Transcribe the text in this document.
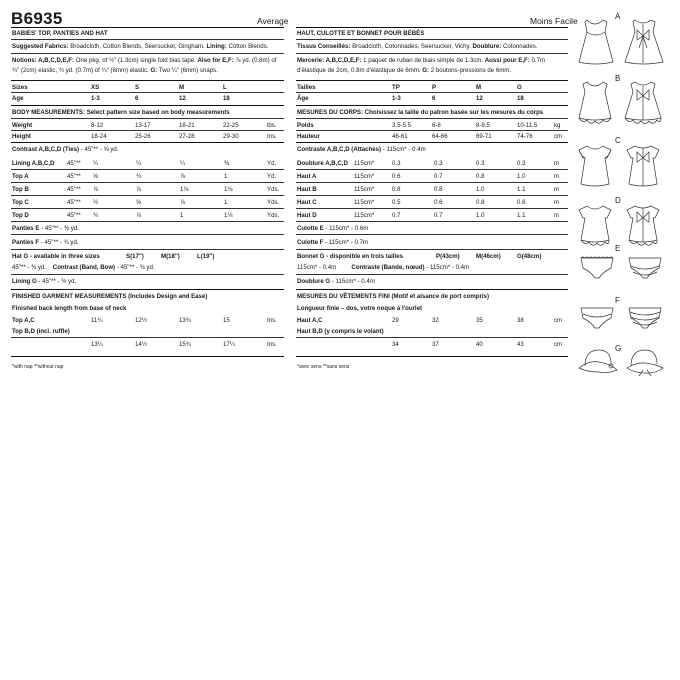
B6935	Average	Moins Facile
BABIES' TOP, PANTIES AND HAT
Suggested Fabrics: Broadcloth, Cotton Blends, Seersucker, Gingham. Lining: Cotton Blends.
Notions: A,B,C,D,E,F: One pkg. of ½" (1.3cm) single fold bias tape. Also for E,F: ⅞ yd. (0.8m) of
¾" (2cm) elastic, ¾ yd. (0.7m) of ¼" (6mm) elastic. G: Two ¼" (6mm) snaps.
Sizes	XS	S	M	L
Age	1-3	6	12	18
BODY MEASUREMENTS: Select pattern size based on body measurements
Weight	8-12	13-17	18-21	22-25	lbs.
Height	18-24	25-26	27-28	29-30	Ins.
Contrast A,B,C,D (Ties) - 45"** - ⅝ yd.
Lining A,B,C,D 45"** ¼	¼	¼	⅜	Yd.
Top A	45"** ⅝	¾	⅞	1	Yd.
Top B	45"** ⅞	⅞	1⅛	1⅛	Yds.
Top C	45"** ½	⅝	⅞	1	Yds.
Top D	45"** ¾	⅞	1	1⅛	Yds.
Panties E - 45"** - ⅜ yd.
Panties F - 45"** - ¾ yd.
Hat G - available in three sizes	S(17")	M(18")	L(19")
45"** - ⅜ yd. Contrast (Band, Bow) - 45"** - ⅜ yd.
Lining G - 45"** - ⅜ yd.
FINISHED GARMENT MEASUREMENTS (Includes Design and Ease)
Finished back length from base of neck
Top A,C	11¼	12½	13¾	15	Ins.
Top B,D (incl. ruffle)
13¼	14½	15¾	17¼	Ins.
*with nap **without nap
HAUT, CULOTTE ET BONNET POUR BÉBÉS
Tissus Conseillés: Broadcloth, Cotonnades, Seersucker, Vichy. Doublure: Cotonnades.
Mercerie: A,B,C,D,E,F: 1 paquet de ruban de biais simple de 1.3cm. Aussi pour E,F: 0.7m
d'élastique de 2cm, 0.8m d'élastique de 6mm. G: 2 boutons-pressions de 6mm.
Tailles	TP	P	M	G
Âge	1-3	6	12	18
MESURES DU CORPS: Choisissez la taille du patron basée sur les mesures du corps
Poids	3.5-5.5	6-8	8-9.5	10-11.5	kg
Hauteur	46-61	64-66	69-71	74-76	cm
Contraste A,B,C,D (Attaches) - 115cm* - 0.4m
Doublure A,B,C,D 115cm*	0.3	0.3	0.3	0.3	m
Haut A	115cm*	0.6	0.7	0.8	1.0	m
Haut B	115cm*	0.8	0.8	1.0	1.1	m
Haut C	115cm*	0.5	0.6	0.8	0.8	m
Haut D	115cm*	0.7	0.7	1.0	1.1	m
Culotte E - 115cm* - 0.6m
Culotte F - 115cm* - 0.7m
Bonnet G - disponible en trois tailles	P(43cm)	M(46cm)	G(48cm)
115cm* - 0.4m	Contraste (Bande, nœud) - 115cm* - 0.4m
Doublure G - 115cm* - 0.4m
MESURES DU VÊTEMENTS FINI (Motif et aisance de port compris)
Longueur finie – dos, votre noque à l'ourlet
Haut A,C	29	32	35	38	cm
Haut B,D (y compris le volant)
34	37	40	43	cm
*avec sens **sans sens
A
B
C
D
E
F
G
